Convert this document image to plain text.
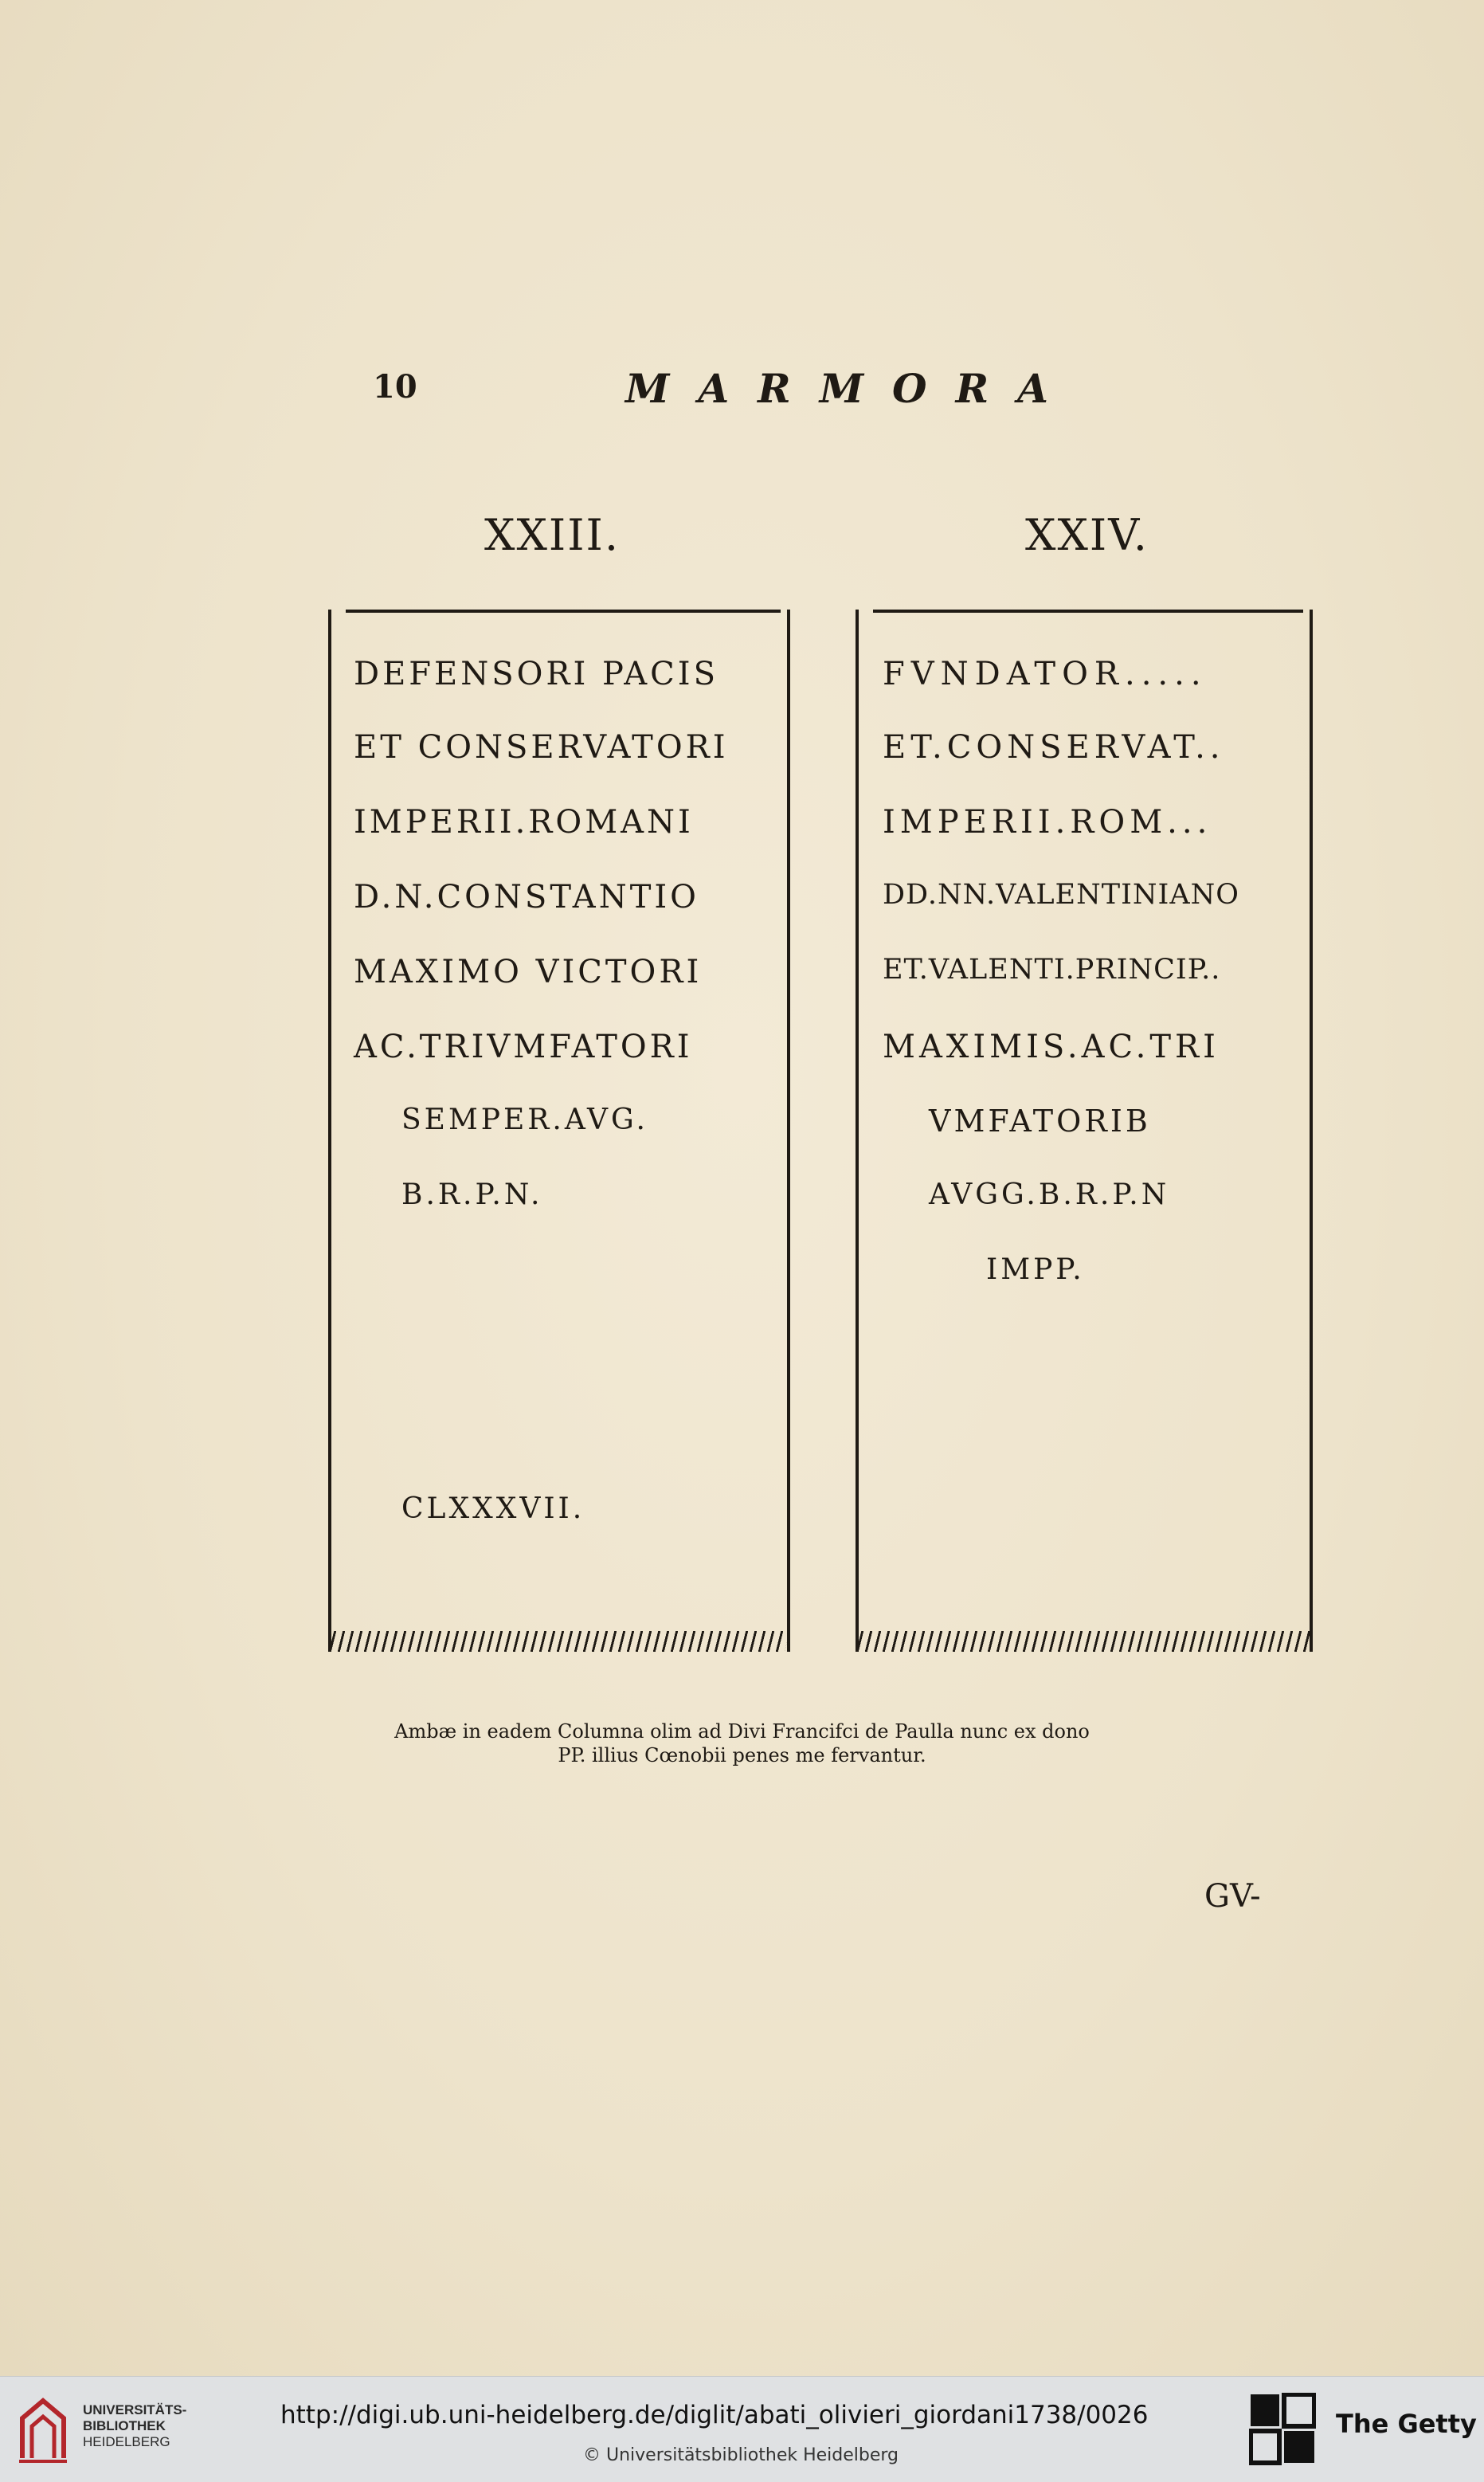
10	MARMORA
XXIII.	XXIV.
DEFENSORI PACIS
ET CONSERVATORI
IMPERII.ROMANI
D.N.CONSTANTIO
MAXIMO VICTORI
AC.TRIVMFATORI
SEMPER.AVG.
B.R.P.N.
CLXXXVII.
FVNDATOR.....
ET.CONSERVAT..
IMPERII.ROM...
DD.NN.VALENTINIANO
ET.VALENTI.PRINCIP..
MAXIMIS.AC.TRI
VMFATORIB
AVGG.B.R.P.N
IMPP.
Ambæ in eadem Columna olim ad Divi Francifci de Paulla nunc ex dono
PP. illius Cœnobii penes me fervantur.
GV-
UNIVERSITÄTS-
BIBLIOTHEK
HEIDELBERG
http://digi.ub.uni-heidelberg.de/diglit/abati_olivieri_giordani1738/0026
© Universitätsbibliothek Heidelberg
The Getty
